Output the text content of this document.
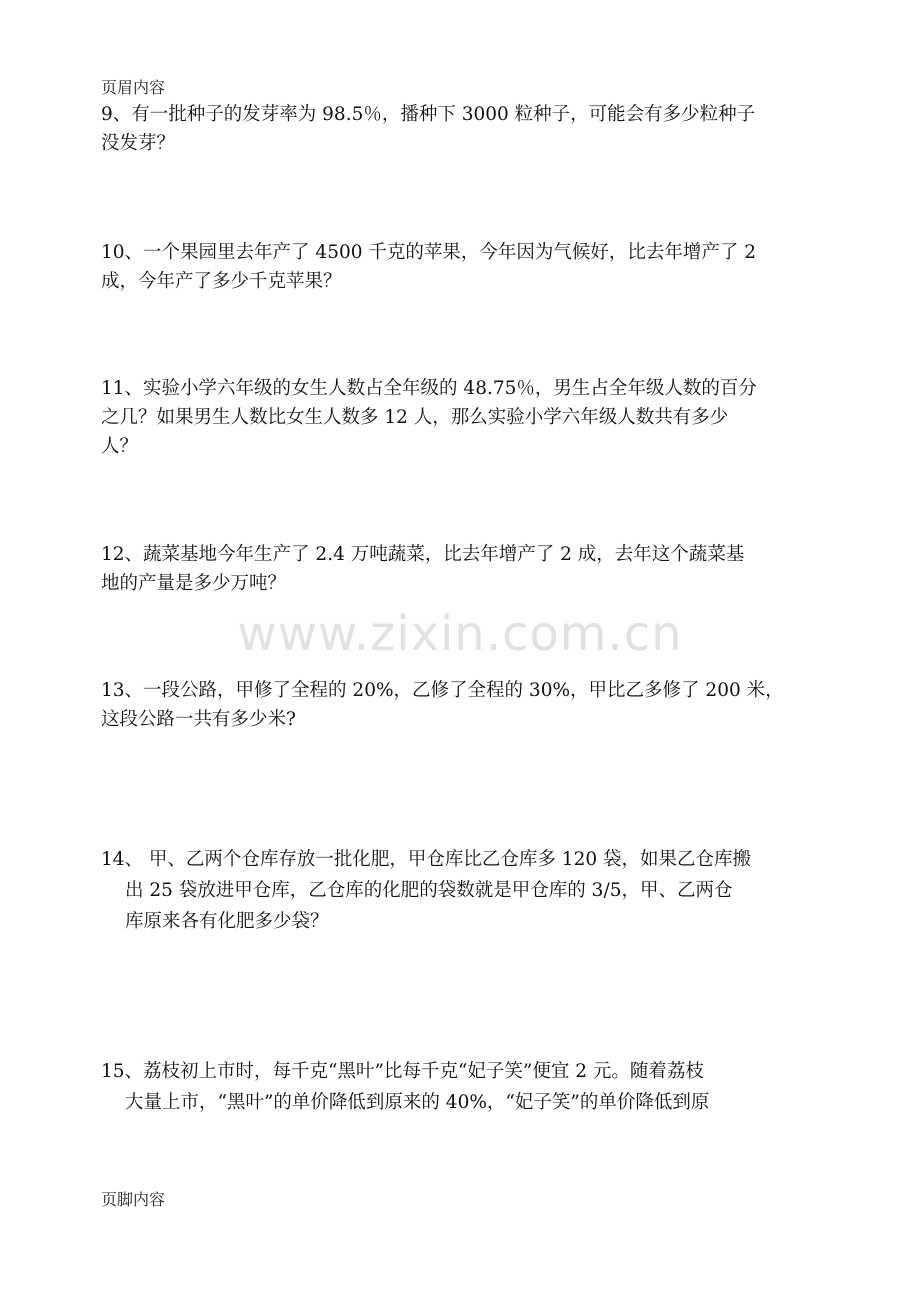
页眉内容
www.zixin.com.cn
9、有一批种子的发芽率为 98.5％，播种下 3000 粒种子，可能会有多少粒种子
没发芽？
10、一个果园里去年产了 4500 千克的苹果，今年因为气候好，比去年增产了 2
成，今年产了多少千克苹果？
11、实验小学六年级的女生人数占全年级的 48.75％，男生占全年级人数的百分
之几？如果男生人数比女生人数多 12 人，那么实验小学六年级人数共有多少
人？
12、蔬菜基地今年生产了 2.4 万吨蔬菜，比去年增产了 2 成，去年这个蔬菜基
地的产量是多少万吨？
13、一段公路，甲修了全程的 20%，乙修了全程的 30%，甲比乙多修了 200 米，
这段公路一共有多少米?
14、 甲、乙两个仓库存放一批化肥，甲仓库比乙仓库多 120 袋，如果乙仓库搬
出 25 袋放进甲仓库，乙仓库的化肥的袋数就是甲仓库的 3/5，甲、乙两仓
库原来各有化肥多少袋？
15、荔枝初上市时，每千克“黑叶”比每千克“妃子笑”便宜 2 元。随着荔枝
大量上市，“黑叶”的单价降低到原来的 40%，“妃子笑”的单价降低到原
页脚内容
